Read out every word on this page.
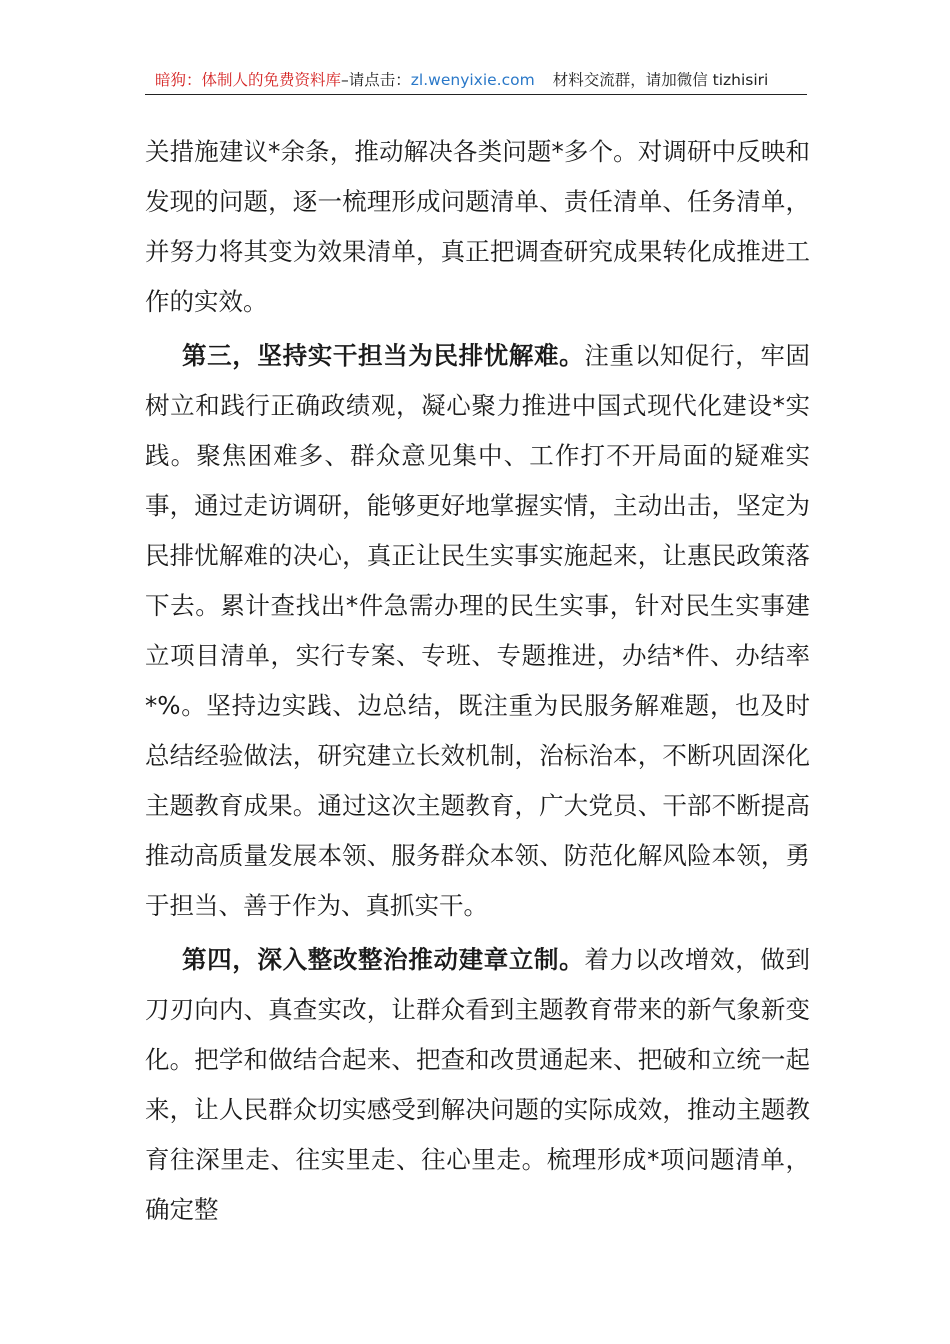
暗狗：体制人的免费资料库–请点击：zl.wenyixie.com 材料交流群，请加微信 tizhisiri

关措施建议*余条，推动解决各类问题*多个。对调研中反映和发现的问题，逐一梳理形成问题清单、责任清单、任务清单，并努力将其变为效果清单，真正把调查研究成果转化成推进工作的实效。

第三，坚持实干担当为民排忧解难。注重以知促行，牢固树立和践行正确政绩观，凝心聚力推进中国式现代化建设*实践。聚焦困难多、群众意见集中、工作打不开局面的疑难实事，通过走访调研，能够更好地掌握实情，主动出击，坚定为民排忧解难的决心，真正让民生实事实施起来，让惠民政策落下去。累计查找出*件急需办理的民生实事，针对民生实事建立项目清单，实行专案、专班、专题推进，办结*件、办结率*%。坚持边实践、边总结，既注重为民服务解难题，也及时总结经验做法，研究建立长效机制，治标治本，不断巩固深化主题教育成果。通过这次主题教育，广大党员、干部不断提高推动高质量发展本领、服务群众本领、防范化解风险本领，勇于担当、善于作为、真抓实干。

第四，深入整改整治推动建章立制。着力以改增效，做到刀刃向内、真查实改，让群众看到主题教育带来的新气象新变化。把学和做结合起来、把查和改贯通起来、把破和立统一起来，让人民群众切实感受到解决问题的实际成效，推动主题教育往深里走、往实里走、往心里走。梳理形成*项问题清单，确定整
